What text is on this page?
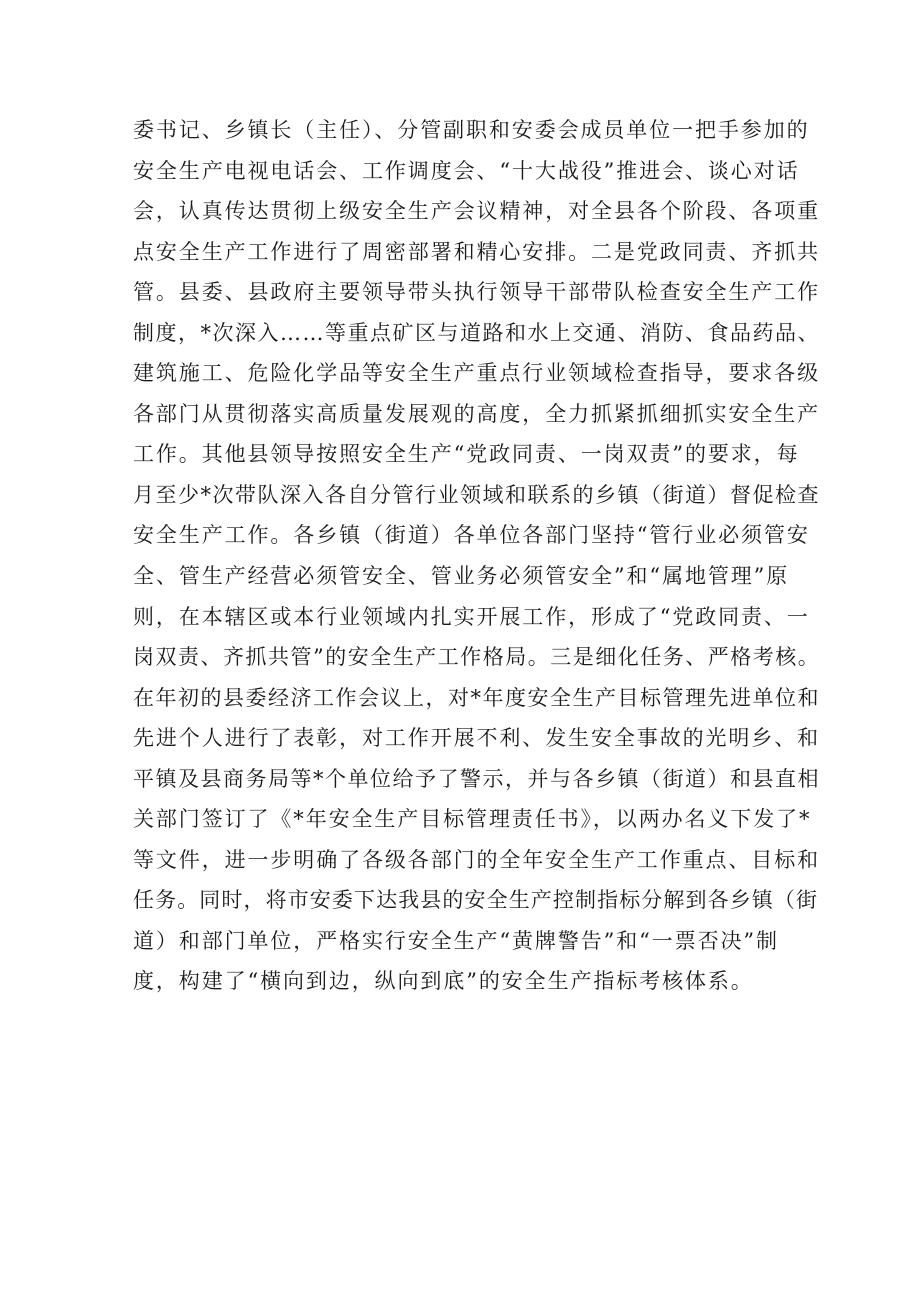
委书记、乡镇长（主任）、分管副职和安委会成员单位一把手参加的
安全生产电视电话会、工作调度会、“十大战役”推进会、谈心对话
会，认真传达贯彻上级安全生产会议精神，对全县各个阶段、各项重
点安全生产工作进行了周密部署和精心安排。二是党政同责、齐抓共
管。县委、县政府主要领导带头执行领导干部带队检查安全生产工作
制度，*次深入……等重点矿区与道路和水上交通、消防、食品药品、
建筑施工、危险化学品等安全生产重点行业领域检查指导，要求各级
各部门从贯彻落实高质量发展观的高度，全力抓紧抓细抓实安全生产
工作。其他县领导按照安全生产“党政同责、一岗双责”的要求，每
月至少*次带队深入各自分管行业领域和联系的乡镇（街道）督促检查
安全生产工作。各乡镇（街道）各单位各部门坚持“管行业必须管安
全、管生产经营必须管安全、管业务必须管安全”和“属地管理”原
则，在本辖区或本行业领域内扎实开展工作，形成了“党政同责、一
岗双责、齐抓共管”的安全生产工作格局。三是细化任务、严格考核。
在年初的县委经济工作会议上，对*年度安全生产目标管理先进单位和
先进个人进行了表彰，对工作开展不利、发生安全事故的光明乡、和
平镇及县商务局等*个单位给予了警示，并与各乡镇（街道）和县直相
关部门签订了《*年安全生产目标管理责任书》，以两办名义下发了*
等文件，进一步明确了各级各部门的全年安全生产工作重点、目标和
任务。同时，将市安委下达我县的安全生产控制指标分解到各乡镇（街
道）和部门单位，严格实行安全生产“黄牌警告”和“一票否决”制
度，构建了“横向到边，纵向到底”的安全生产指标考核体系。
